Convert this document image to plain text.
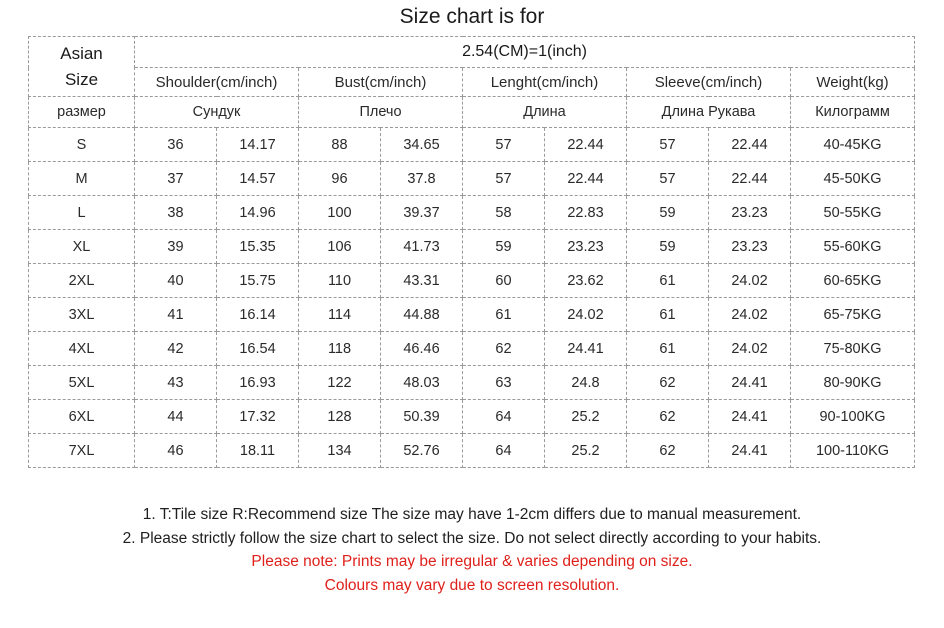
Size chart is for
Asian
Size	2.54(CM)=1(inch)								
	Shoulder(cm/inch)		Bust(cm/inch)		Lenght(cm/inch)		Sleeve(cm/inch)		Weight(kg)
размер	Сундук		Плечо		Длина		Длина Рукава		Килограмм
S	36	14.17	88	34.65	57	22.44	57	22.44	40-45KG
M	37	14.57	96	37.8	57	22.44	57	22.44	45-50KG
L	38	14.96	100	39.37	58	22.83	59	23.23	50-55KG
XL	39	15.35	106	41.73	59	23.23	59	23.23	55-60KG
2XL	40	15.75	110	43.31	60	23.62	61	24.02	60-65KG
3XL	41	16.14	114	44.88	61	24.02	61	24.02	65-75KG
4XL	42	16.54	118	46.46	62	24.41	61	24.02	75-80KG
5XL	43	16.93	122	48.03	63	24.8	62	24.41	80-90KG
6XL	44	17.32	128	50.39	64	25.2	62	24.41	90-100KG
7XL	46	18.11	134	52.76	64	25.2	62	24.41	100-110KG
1. T:Tile size R:Recommend size The size may have 1-2cm differs due to manual measurement.
2. Please strictly follow the size chart to select the size. Do not select directly according to your habits.
Please note: Prints may be irregular & varies depending on size.
Colours may vary due to screen resolution.
